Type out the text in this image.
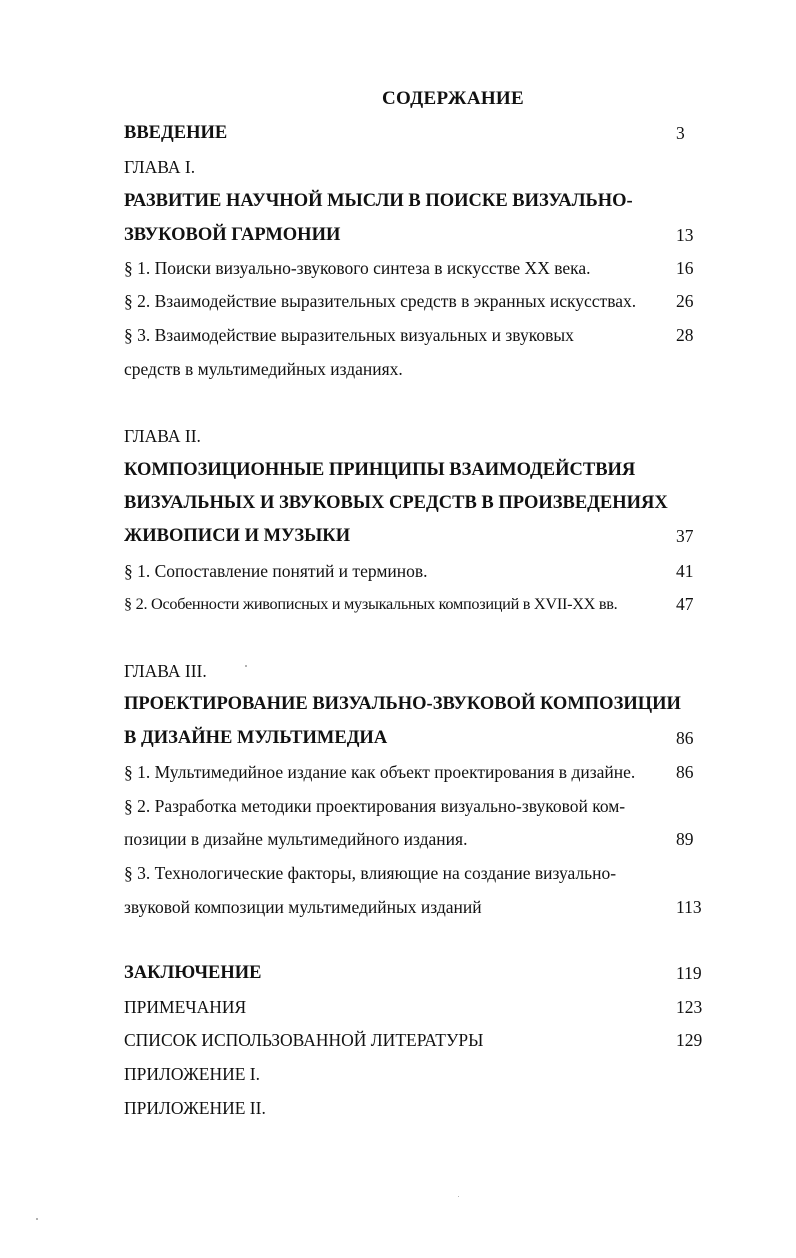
СОДЕРЖАНИЕ
ВВЕДЕНИЕ	3
ГЛАВА I.
РАЗВИТИЕ НАУЧНОЙ МЫСЛИ В ПОИСКЕ ВИЗУАЛЬНО-
ЗВУКОВОЙ ГАРМОНИИ	13
§ 1. Поиски визуально-звукового синтеза в искусстве XX века.	16
§ 2. Взаимодействие выразительных средств в экранных искусствах.	26
§ 3. Взаимодействие выразительных визуальных и звуковых	28
средств в мультимедийных изданиях.
ГЛАВА II.
КОМПОЗИЦИОННЫЕ ПРИНЦИПЫ ВЗАИМОДЕЙСТВИЯ
ВИЗУАЛЬНЫХ И ЗВУКОВЫХ СРЕДСТВ В ПРОИЗВЕДЕНИЯХ
ЖИВОПИСИ И МУЗЫКИ	37
§ 1. Сопоставление понятий и терминов.	41
§ 2. Особенности живописных и музыкальных композиций в XVII-XX вв.	47
ГЛАВА III.
ПРОЕКТИРОВАНИЕ ВИЗУАЛЬНО-ЗВУКОВОЙ КОМПОЗИЦИИ
В ДИЗАЙНЕ МУЛЬТИМЕДИА	86
§ 1. Мультимедийное издание как объект проектирования в дизайне.	86
§ 2. Разработка методики проектирования визуально-звуковой ком-
позиции в дизайне мультимедийного издания.	89
§ 3. Технологические факторы, влияющие на создание визуально-
звуковой композиции мультимедийных изданий	113
ЗАКЛЮЧЕНИЕ	119
ПРИМЕЧАНИЯ	123
СПИСОК ИСПОЛЬЗОВАННОЙ ЛИТЕРАТУРЫ	129
ПРИЛОЖЕНИЕ I.
ПРИЛОЖЕНИЕ II.
